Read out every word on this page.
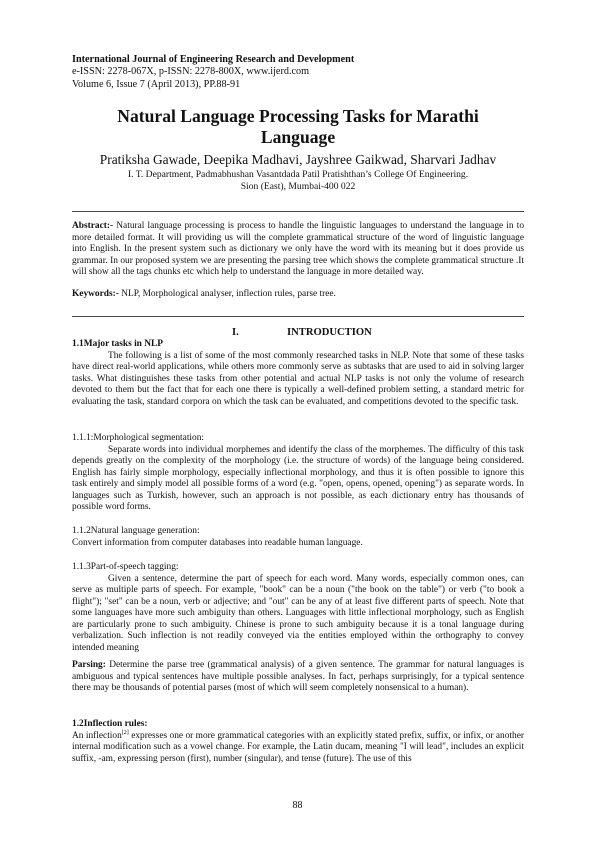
International Journal of Engineering Research and Development
e-ISSN: 2278-067X, p-ISSN: 2278-800X, www.ijerd.com
Volume 6, Issue 7 (April 2013), PP.88-91
Natural Language Processing Tasks for Marathi
Language
Pratiksha Gawade, Deepika Madhavi, Jayshree Gaikwad, Sharvari Jadhav
I. T. Department, Padmabhushan Vasantdada Patil Pratishthan’s College Of Engineering.
Sion (East), Mumbai-400 022
Abstract:- Natural language processing is process to handle the linguistic languages to understand the language in to more detailed format. It will providing us will the complete grammatical structure of the word of linguistic language into English. In the present system such as dictionary we only have the word with its meaning but it does provide us grammar. In our proposed system we are presenting the parsing tree which shows the complete grammatical structure .It will show all the tags chunks etc which help to understand the language in more detailed way.
Keywords:- NLP, Morphological analyser, inflection rules, parse tree.
I.	INTRODUCTION
1.1Major tasks in NLP
The following is a list of some of the most commonly researched tasks in NLP. Note that some of these tasks have direct real-world applications, while others more commonly serve as subtasks that are used to aid in solving larger tasks. What distinguishes these tasks from other potential and actual NLP tasks is not only the volume of research devoted to them but the fact that for each one there is typically a well-defined problem setting, a standard metric for evaluating the task, standard corpora on which the task can be evaluated, and competitions devoted to the specific task.
1.1.1:Morphological segmentation:
Separate words into individual morphemes and identify the class of the morphemes. The difficulty of this task depends greatly on the complexity of the morphology (i.e. the structure of words) of the language being considered. English has fairly simple morphology, especially inflectional morphology, and thus it is often possible to ignore this task entirely and simply model all possible forms of a word (e.g. "open, opens, opened, opening") as separate words. In languages such as Turkish, however, such an approach is not possible, as each dictionary entry has thousands of possible word forms.
1.1.2Natural language generation:
Convert information from computer databases into readable human language.
1.1.3Part-of-speech tagging:
Given a sentence, determine the part of speech for each word. Many words, especially common ones, can serve as multiple parts of speech. For example, "book" can be a noun ("the book on the table") or verb ("to book a flight"); "set" can be a noun, verb or adjective; and "out" can be any of at least five different parts of speech. Note that some languages have more such ambiguity than others. Languages with little inflectional morphology, such as English are particularly prone to such ambiguity. Chinese is prone to such ambiguity because it is a tonal language during verbalization. Such inflection is not readily conveyed via the entities employed within the orthography to convey intended meaning
Parsing: Determine the parse tree (grammatical analysis) of a given sentence. The grammar for natural languages is ambiguous and typical sentences have multiple possible analyses. In fact, perhaps surprisingly, for a typical sentence there may be thousands of potential parses (most of which will seem completely nonsensical to a human).
1.2Inflection rules:
An inflection[2] expresses one or more grammatical categories with an explicitly stated prefix, suffix, or infix, or another internal modification such as a vowel change. For example, the Latin ducam, meaning "I will lead", includes an explicit suffix, -am, expressing person (first), number (singular), and tense (future). The use of this
88
